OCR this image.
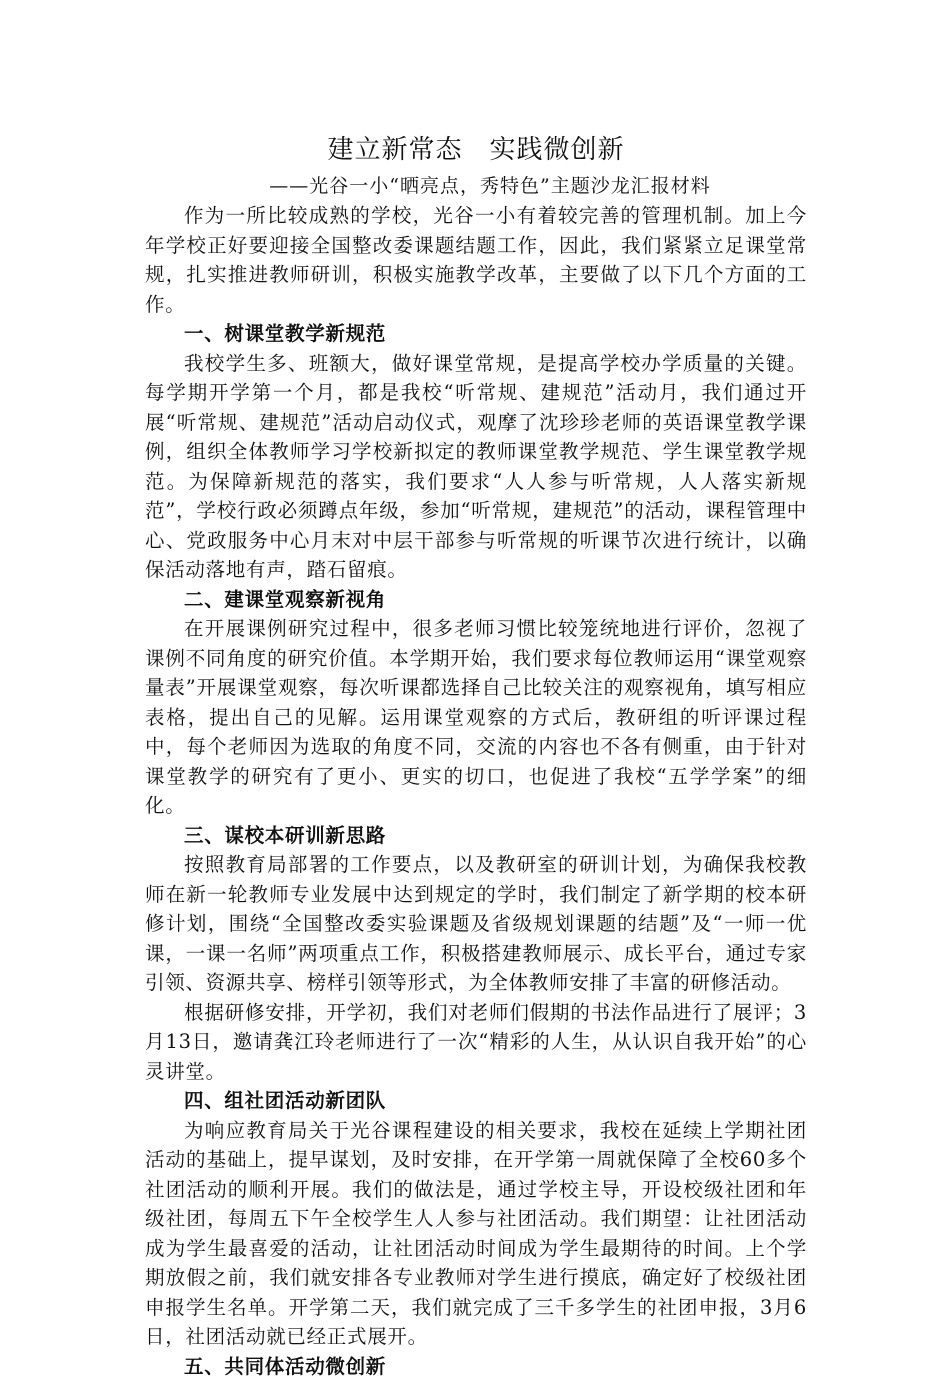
建立新常态　实践微创新

——光谷一小“晒亮点，秀特色”主题沙龙汇报材料

作为一所比较成熟的学校，光谷一小有着较完善的管理机制。加上今年学校正好要迎接全国整改委课题结题工作，因此，我们紧紧立足课堂常规，扎实推进教师研训，积极实施教学改革，主要做了以下几个方面的工作。

一、树课堂教学新规范

我校学生多、班额大，做好课堂常规，是提高学校办学质量的关键。每学期开学第一个月，都是我校“听常规、建规范”活动月，我们通过开展“听常规、建规范”活动启动仪式，观摩了沈珍珍老师的英语课堂教学课例，组织全体教师学习学校新拟定的教师课堂教学规范、学生课堂教学规范。为保障新规范的落实，我们要求“人人参与听常规，人人落实新规范”，学校行政必须蹲点年级，参加“听常规，建规范”的活动，课程管理中心、党政服务中心月末对中层干部参与听常规的听课节次进行统计，以确保活动落地有声，踏石留痕。

二、建课堂观察新视角

在开展课例研究过程中，很多老师习惯比较笼统地进行评价，忽视了课例不同角度的研究价值。本学期开始，我们要求每位教师运用“课堂观察量表”开展课堂观察，每次听课都选择自己比较关注的观察视角，填写相应表格，提出自己的见解。运用课堂观察的方式后，教研组的听评课过程中，每个老师因为选取的角度不同，交流的内容也不各有侧重，由于针对课堂教学的研究有了更小、更实的切口，也促进了我校“五学学案”的细化。

三、谋校本研训新思路

按照教育局部署的工作要点，以及教研室的研训计划，为确保我校教师在新一轮教师专业发展中达到规定的学时，我们制定了新学期的校本研修计划，围绕“全国整改委实验课题及省级规划课题的结题”及“一师一优课，一课一名师”两项重点工作，积极搭建教师展示、成长平台，通过专家引领、资源共享、榜样引领等形式，为全体教师安排了丰富的研修活动。

根据研修安排，开学初，我们对老师们假期的书法作品进行了展评；3月13日，邀请龚江玲老师进行了一次“精彩的人生，从认识自我开始”的心灵讲堂。

四、组社团活动新团队

为响应教育局关于光谷课程建设的相关要求，我校在延续上学期社团活动的基础上，提早谋划，及时安排，在开学第一周就保障了全校60多个社团活动的顺利开展。我们的做法是，通过学校主导，开设校级社团和年级社团，每周五下午全校学生人人参与社团活动。我们期望：让社团活动成为学生最喜爱的活动，让社团活动时间成为学生最期待的时间。上个学期放假之前，我们就安排各专业教师对学生进行摸底，确定好了校级社团申报学生名单。开学第二天，我们就完成了三千多学生的社团申报，3月6日，社团活动就已经正式展开。

五、共同体活动微创新
